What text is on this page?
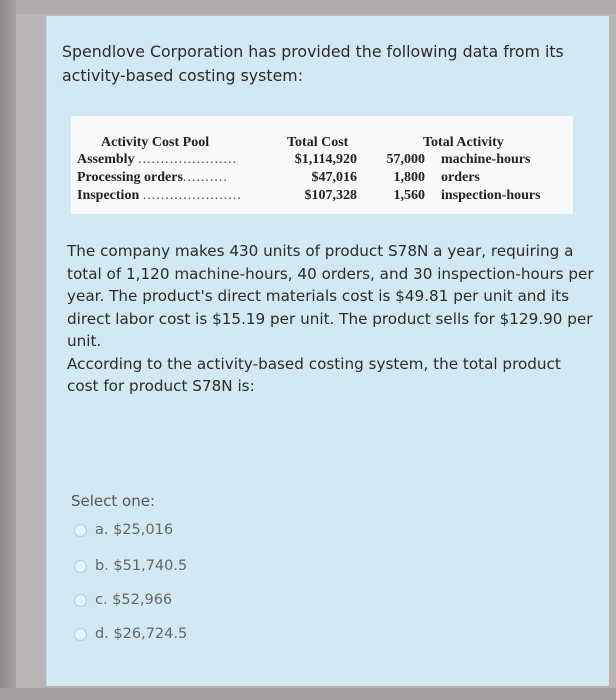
Spendlove Corporation has provided the following data from its activity-based costing system:
Activity Cost Pool	Total Cost	Total Activity
Assembly ......................	$1,114,920 57,000 machine-hours
Processing orders..........	$47,016	1,800 orders
Inspection ......................	$107,328	1,560 inspection-hours
The company makes 430 units of product S78N a year, requiring a total of 1,120 machine-hours, 40 orders, and 30 inspection-hours per year. The product's direct materials cost is $49.81 per unit and its direct labor cost is $15.19 per unit. The product sells for $129.90 per unit.
According to the activity-based costing system, the total product cost for product S78N is:
Select one:
a. $25,016
b. $51,740.5
c. $52,966
d. $26,724.5
